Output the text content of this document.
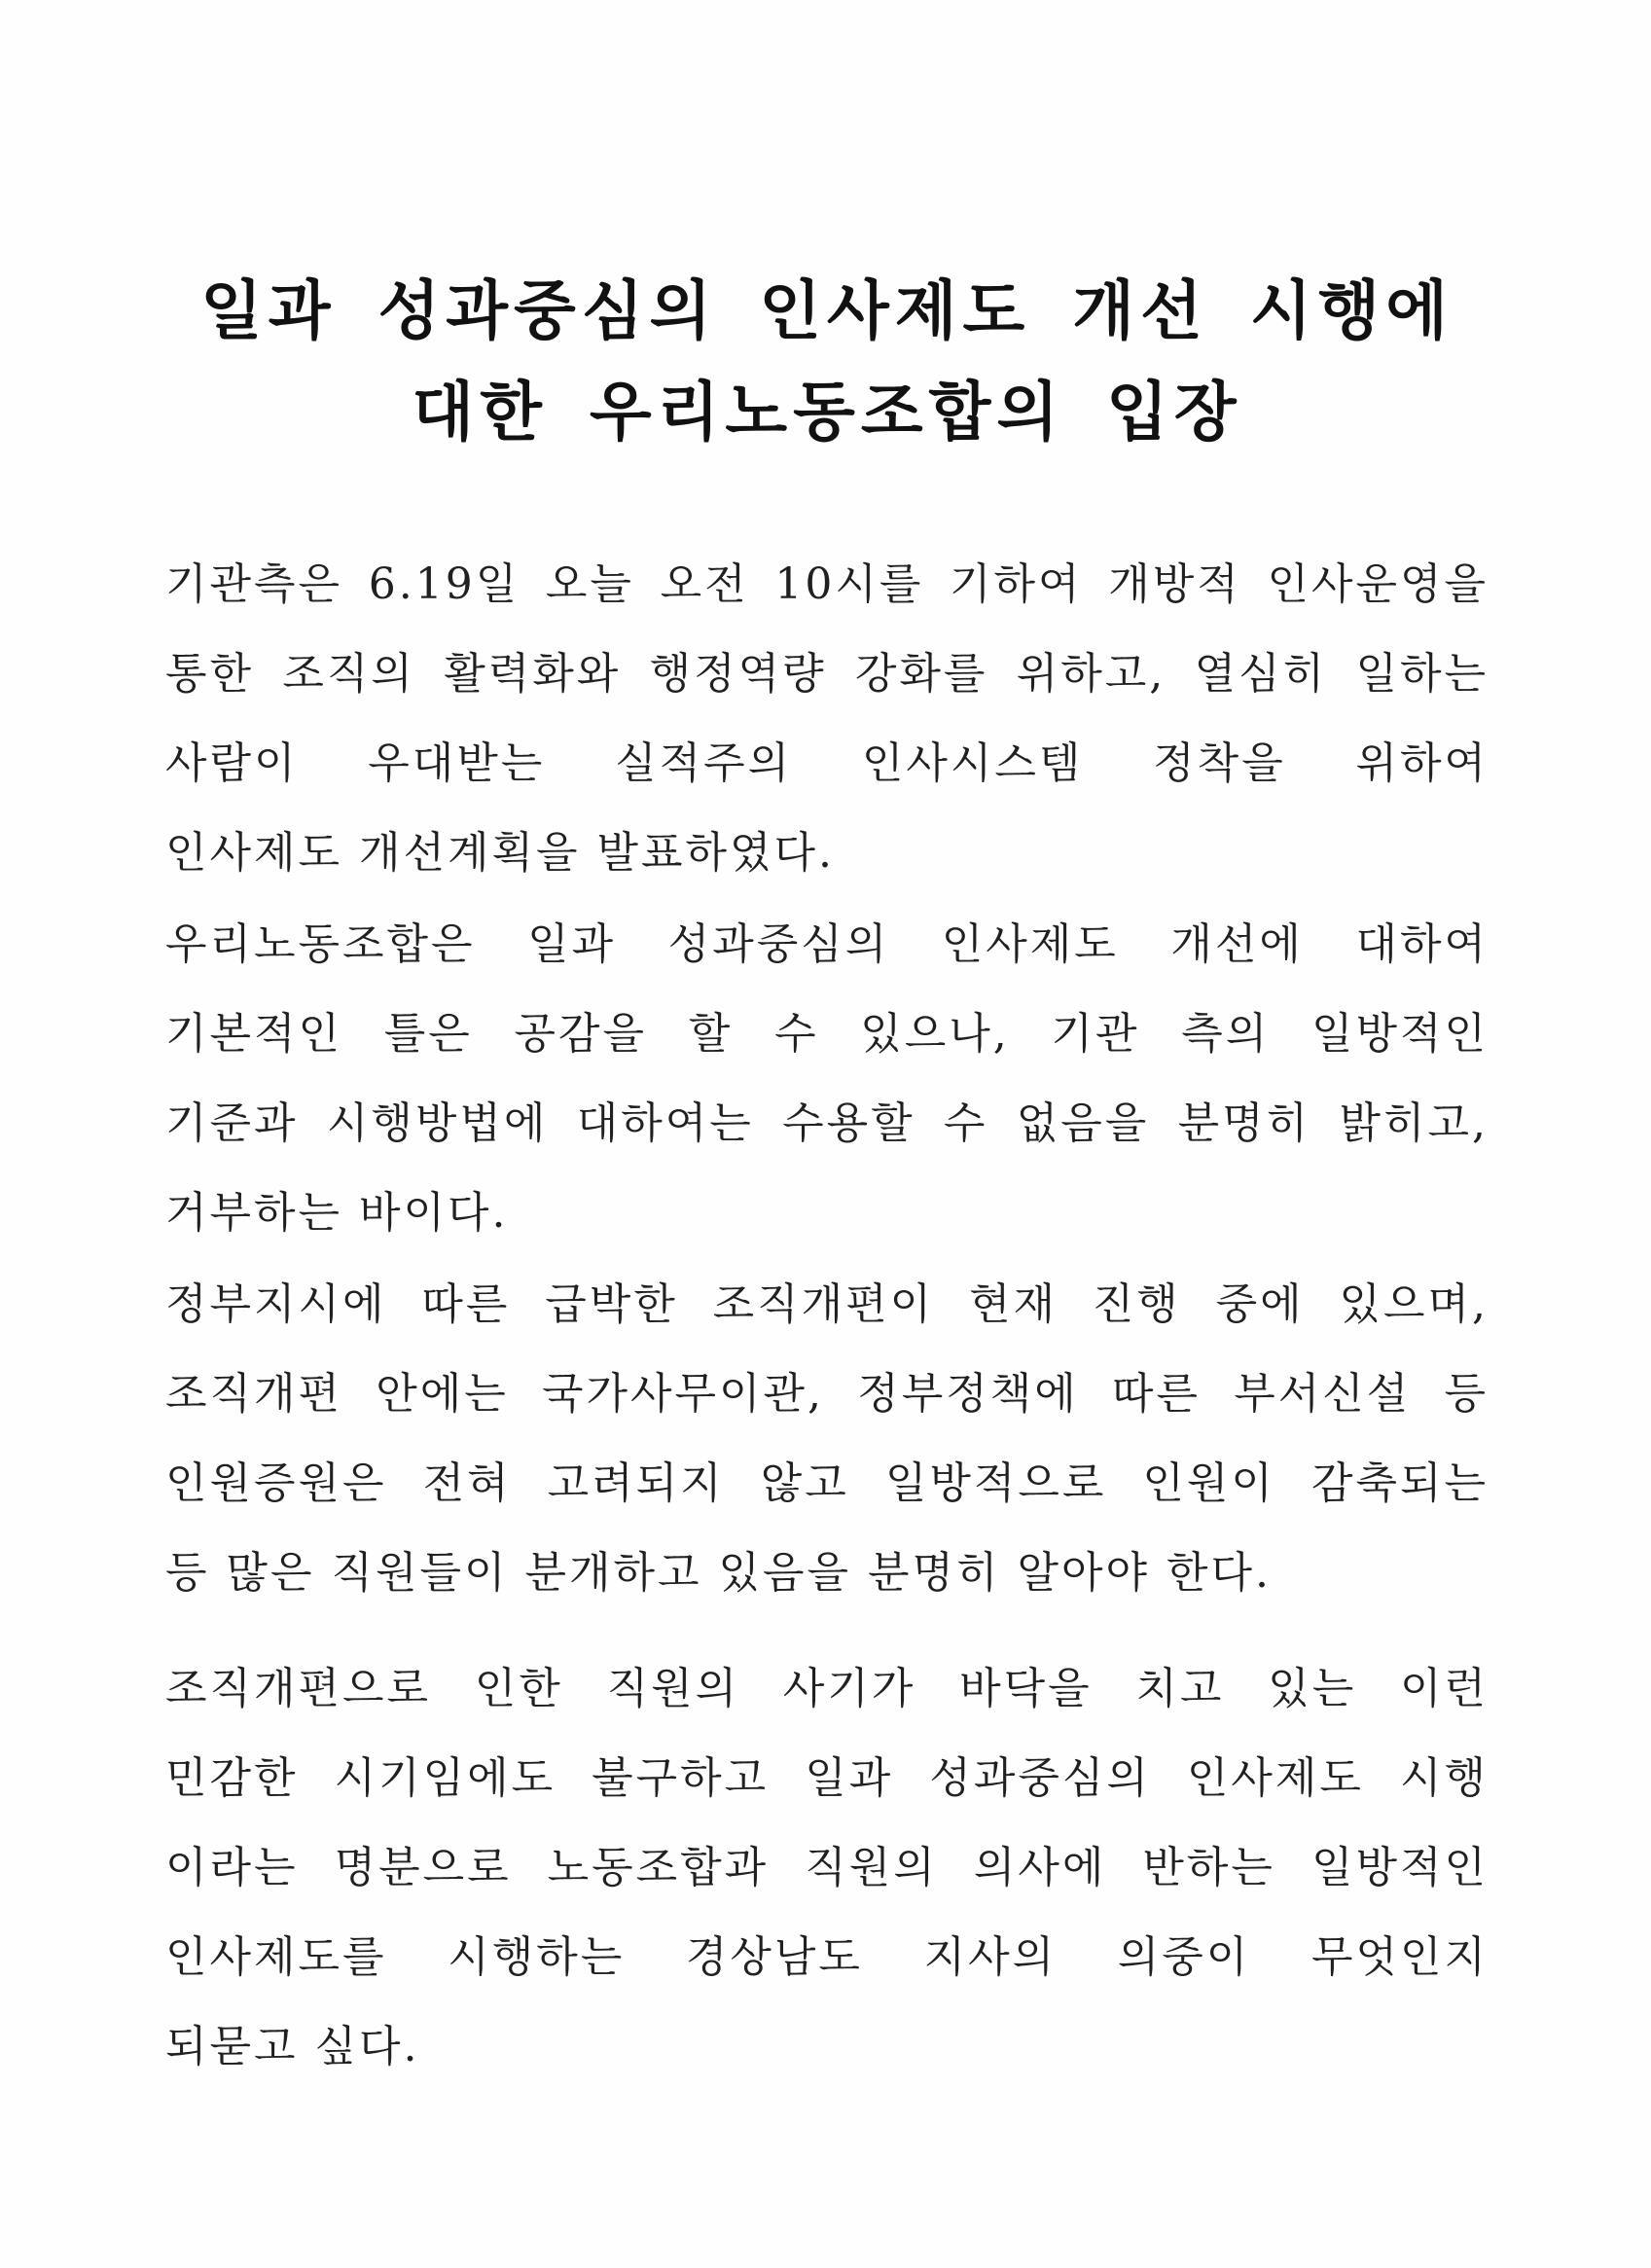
일과 성과중심의 인사제도 개선 시행에
대한 우리노동조합의 입장
기관측은 6.19일 오늘 오전 10시를 기하여 개방적 인사운영을
통한 조직의 활력화와 행정역량 강화를 위하고, 열심히 일하는
사람이 우대받는 실적주의 인사시스템 정착을 위하여
인사제도 개선계획을 발표하였다.
우리노동조합은 일과 성과중심의 인사제도 개선에 대하여
기본적인 틀은 공감을 할 수 있으나, 기관 측의 일방적인
기준과 시행방법에 대하여는 수용할 수 없음을 분명히 밝히고,
거부하는 바이다.
정부지시에 따른 급박한 조직개편이 현재 진행 중에 있으며,
조직개편 안에는 국가사무이관, 정부정책에 따른 부서신설 등
인원증원은 전혀 고려되지 않고 일방적으로 인원이 감축되는
등 많은 직원들이 분개하고 있음을 분명히 알아야 한다.
조직개편으로 인한 직원의 사기가 바닥을 치고 있는 이런
민감한 시기임에도 불구하고 일과 성과중심의 인사제도 시행
이라는 명분으로 노동조합과 직원의 의사에 반하는 일방적인
인사제도를 시행하는 경상남도 지사의 의중이 무엇인지
되묻고 싶다.
